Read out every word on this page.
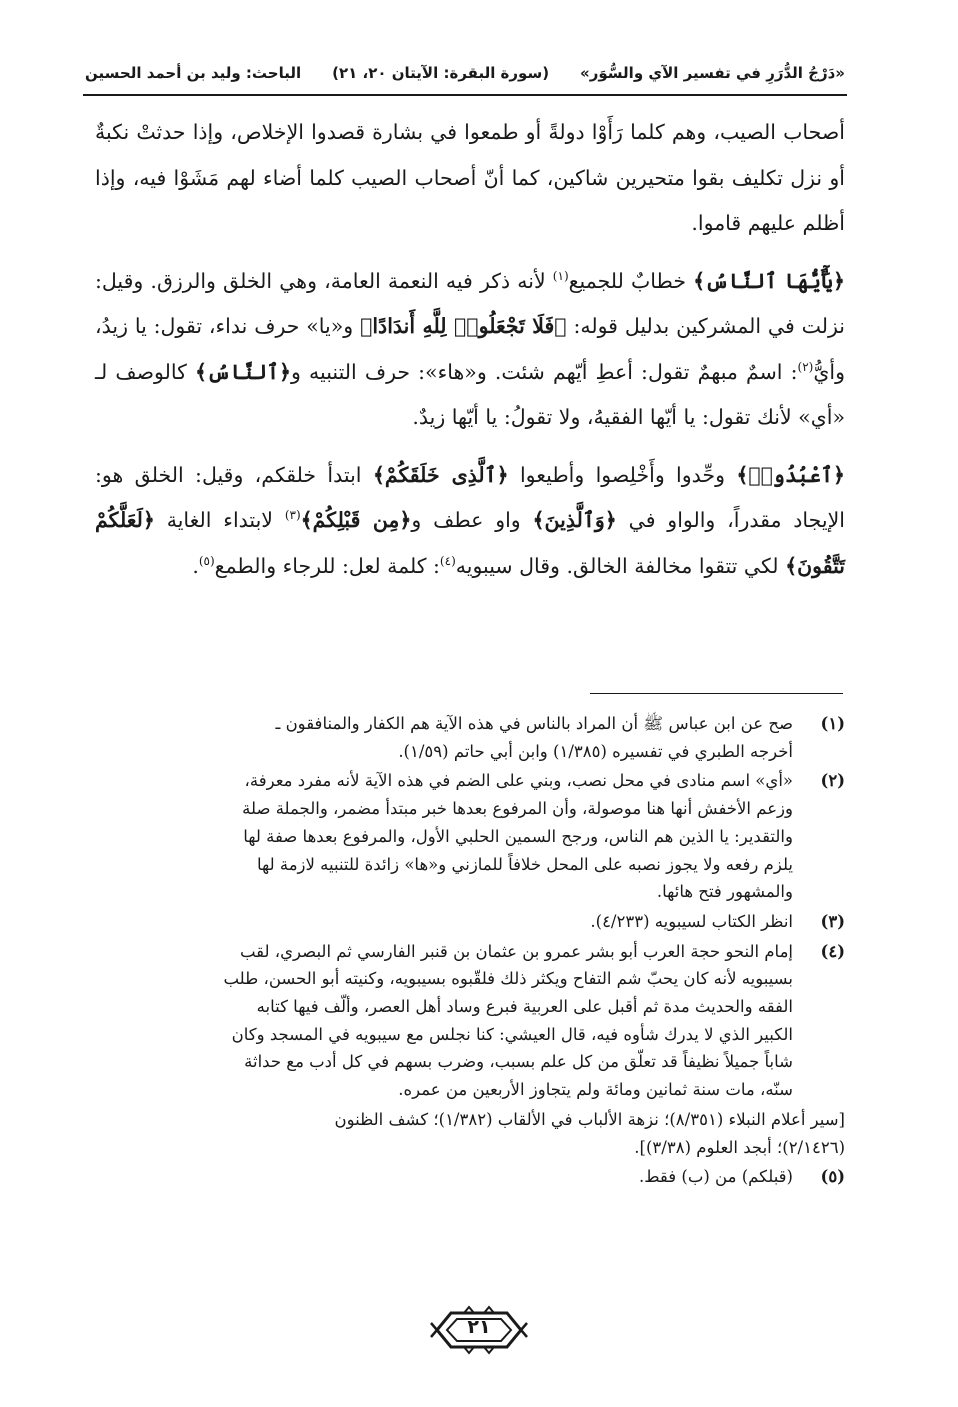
«دَرْجُ الدُّرَرِ في تفسير الآي والسُّوَر»
(سورة البقرة: الآيتان ٢٠، ٢١)
الباحث: وليد بن أحمد الحسين

أصحاب الصيب، وهم كلما رَأَوْا دولةً أو طمعوا في بشارة قصدوا الإخلاص، وإذا حدثتْ نكبةٌ أو نزل تكليف بقوا متحيرين شاكين، كما أنّ أصحاب الصيب كلما أضاء لهم مَشَوْا فيه، وإذا أظلم عليهم قاموا.

﴿يَٰٓأَيُّهَا ٱلنَّاسُ﴾ خطابٌ للجميع$^{(١)}$ لأنه ذكر فيه النعمة العامة، وهي الخلق والرزق. وقيل: نزلت في المشركين بدليل قوله: ﴿فَلَا تَجْعَلُوا۟ لِلَّهِ أَندَادًا﴾ و«يا» حرف نداء، تقول: يا زيدُ، وأيُّ$^{(٢)}$: اسمٌ مبهمٌ تقول: أعطِ أيّهم شئت. و«هاء»: حرف التنبيه و﴿ٱلنَّاسُ﴾ كالوصف لـ «أي» لأنك تقول: يا أيّها الفقيهُ، ولا تقولُ: يا أيّها زيدٌ.

﴿ٱعْبُدُوا۟﴾ وحِّدوا وأَخْلِصوا وأطيعوا ﴿ٱلَّذِى خَلَقَكُمْ﴾ ابتدأ خلقكم، وقيل: الخلق هو: الإيجاد مقدراً، والواو في ﴿وَٱلَّذِينَ﴾ واو عطف و﴿مِن قَبْلِكُمْ﴾$^{(٣)}$ لابتداء الغاية ﴿لَعَلَّكُمْ تَتَّقُونَ﴾ لكي تتقوا مخالفة الخالق. وقال سيبويه$^{(٤)}$: كلمة لعل: للرجاء والطمع$^{(٥)}$.

(١)
صح عن ابن عباس ﷺ أن المراد بالناس في هذه الآية هم الكفار والمنافقون ـ
أخرجه الطبري في تفسيره (١/٣٨٥) وابن أبي حاتم (١/٥٩).
(٢)
«أي» اسم منادى في محل نصب، وبني على الضم في هذه الآية لأنه مفرد معرفة،
وزعم الأخفش أنها هنا موصولة، وأن المرفوع بعدها خبر مبتدأ مضمر، والجملة صلة
والتقدير: يا الذين هم الناس، ورجح السمين الحلبي الأول، والمرفوع بعدها صفة لها
يلزم رفعه ولا يجوز نصبه على المحل خلافاً للمازني و«ها» زائدة للتنبيه لازمة لها
والمشهور فتح هائها.
(٣)
انظر الكتاب لسيبويه (٤/٢٣٣).
(٤)
إمام النحو حجة العرب أبو بشر عمرو بن عثمان بن قنبر الفارسي ثم البصري، لقب
بسيبويه لأنه كان يحبّ شم التفاح ويكثر ذلك فلقّبوه بسيبويه، وكنيته أبو الحسن، طلب
الفقه والحديث مدة ثم أقبل على العربية فبرع وساد أهل العصر، وألّف فيها كتابه
الكبير الذي لا يدرك شأوه فيه، قال العيشي: كنا نجلس مع سيبويه في المسجد وكان
شاباً جميلاً نظيفاً قد تعلّق من كل علم بسبب، وضرب بسهم في كل أدب مع حداثة
سنّه، مات سنة ثمانين ومائة ولم يتجاوز الأربعين من عمره.
[سير أعلام النبلاء (٨/٣٥١)؛ نزهة الألباب في الألقاب (١/٣٨٢)؛ كشف الظنون
(٢/١٤٢٦)؛ أبجد العلوم (٣/٣٨)].
(٥)
(قبلكم) من (ب) فقط.
٢١
